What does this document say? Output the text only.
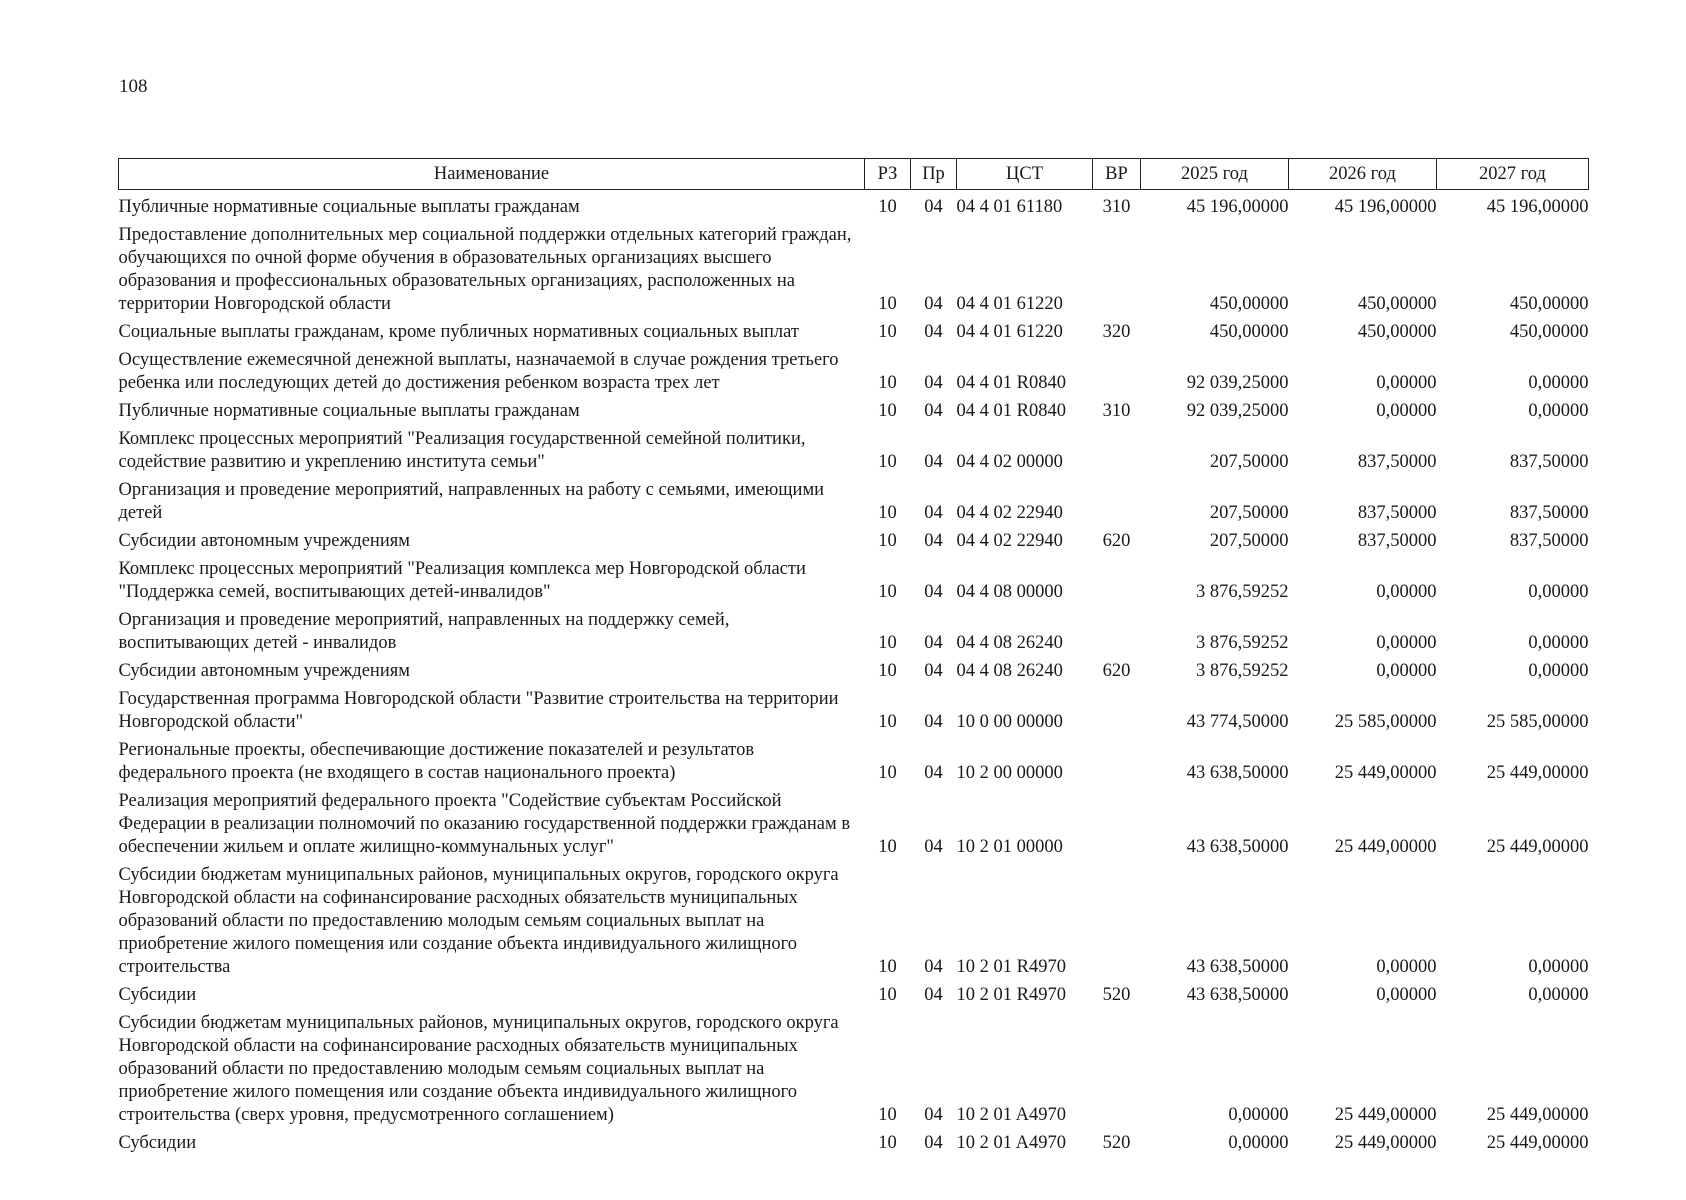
108
Наименование	РЗ	Пр	ЦСТ	ВР	2025 год	2026 год	2027 год
Публичные нормативные социальные выплаты гражданам	10	04	04 4 01 61180	310	45 196,00000	45 196,00000	45 196,00000
Предоставление дополнительных мер социальной поддержки отдельных категорий граждан, обучающихся по очной форме обучения в образовательных организациях высшего образования и профессиональных образовательных организациях, расположенных на территории Новгородской области	10	04	04 4 01 61220		450,00000	450,00000	450,00000
Социальные выплаты гражданам, кроме публичных нормативных социальных выплат	10	04	04 4 01 61220	320	450,00000	450,00000	450,00000
Осуществление ежемесячной денежной выплаты, назначаемой в случае рождения третьего ребенка или последующих детей до достижения ребенком возраста трех лет	10	04	04 4 01 R0840		92 039,25000	0,00000	0,00000
Публичные нормативные социальные выплаты гражданам	10	04	04 4 01 R0840	310	92 039,25000	0,00000	0,00000
Комплекс процессных мероприятий "Реализация государственной семейной политики, содействие развитию и укреплению института семьи"	10	04	04 4 02 00000		207,50000	837,50000	837,50000
Организация и проведение мероприятий, направленных на работу с семьями, имеющими детей	10	04	04 4 02 22940		207,50000	837,50000	837,50000
Субсидии автономным учреждениям	10	04	04 4 02 22940	620	207,50000	837,50000	837,50000
Комплекс процессных мероприятий "Реализация комплекса мер Новгородской области "Поддержка семей, воспитывающих детей-инвалидов"	10	04	04 4 08 00000		3 876,59252	0,00000	0,00000
Организация и проведение мероприятий, направленных на поддержку семей, воспитывающих детей - инвалидов	10	04	04 4 08 26240		3 876,59252	0,00000	0,00000
Субсидии автономным учреждениям	10	04	04 4 08 26240	620	3 876,59252	0,00000	0,00000
Государственная программа Новгородской области "Развитие строительства на территории Новгородской области"	10	04	10 0 00 00000		43 774,50000	25 585,00000	25 585,00000
Региональные проекты, обеспечивающие достижение показателей и результатов федерального проекта (не входящего в состав национального проекта)	10	04	10 2 00 00000		43 638,50000	25 449,00000	25 449,00000
Реализация мероприятий федерального проекта "Содействие субъектам Российской Федерации в реализации полномочий по оказанию государственной поддержки гражданам в обеспечении жильем и оплате жилищно-коммунальных услуг"	10	04	10 2 01 00000		43 638,50000	25 449,00000	25 449,00000
Субсидии бюджетам муниципальных районов, муниципальных округов, городского округа Новгородской области на софинансирование расходных обязательств муниципальных образований области по предоставлению молодым семьям социальных выплат на приобретение жилого помещения или создание объекта индивидуального жилищного строительства	10	04	10 2 01 R4970		43 638,50000	0,00000	0,00000
Субсидии	10	04	10 2 01 R4970	520	43 638,50000	0,00000	0,00000
Субсидии бюджетам муниципальных районов, муниципальных округов, городского округа Новгородской области на софинансирование расходных обязательств муниципальных образований области по предоставлению молодым семьям социальных выплат на приобретение жилого помещения или создание объекта индивидуального жилищного строительства (сверх уровня, предусмотренного соглашением)	10	04	10 2 01 A4970		0,00000	25 449,00000	25 449,00000
Субсидии	10	04	10 2 01 A4970	520	0,00000	25 449,00000	25 449,00000
